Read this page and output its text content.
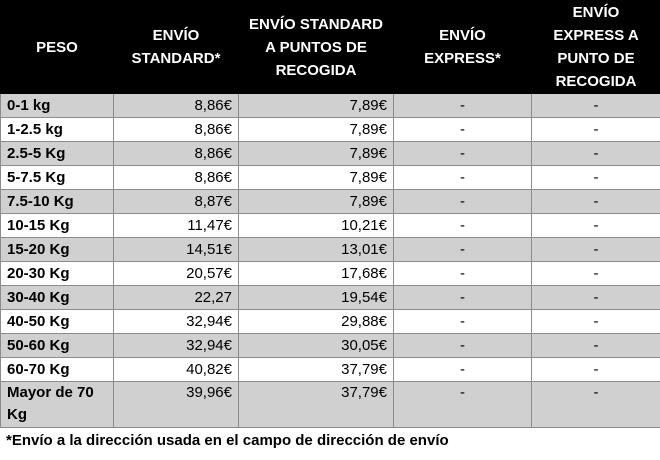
PESO	ENVÍO STANDARD*	ENVÍO STANDARD A PUNTOS DE RECOGIDA	ENVÍO EXPRESS*	ENVÍO EXPRESS A PUNTO DE RECOGIDA
0-1 kg	8,86€	7,89€	-	-
1-2.5 kg	8,86€	7,89€	-	-
2.5-5 Kg	8,86€	7,89€	-	-
5-7.5 Kg	8,86€	7,89€	-	-
7.5-10 Kg	8,87€	7,89€	-	-
10-15 Kg	11,47€	10,21€	-	-
15-20 Kg	14,51€	13,01€	-	-
20-30 Kg	20,57€	17,68€	-	-
30-40 Kg	22,27	19,54€	-	-
40-50 Kg	32,94€	29,88€	-	-
50-60 Kg	32,94€	30,05€	-	-
60-70 Kg	40,82€	37,79€	-	-
Mayor de 70 Kg	39,96€	37,79€	-	-
*Envío a la dirección usada en el campo de dirección de envío
